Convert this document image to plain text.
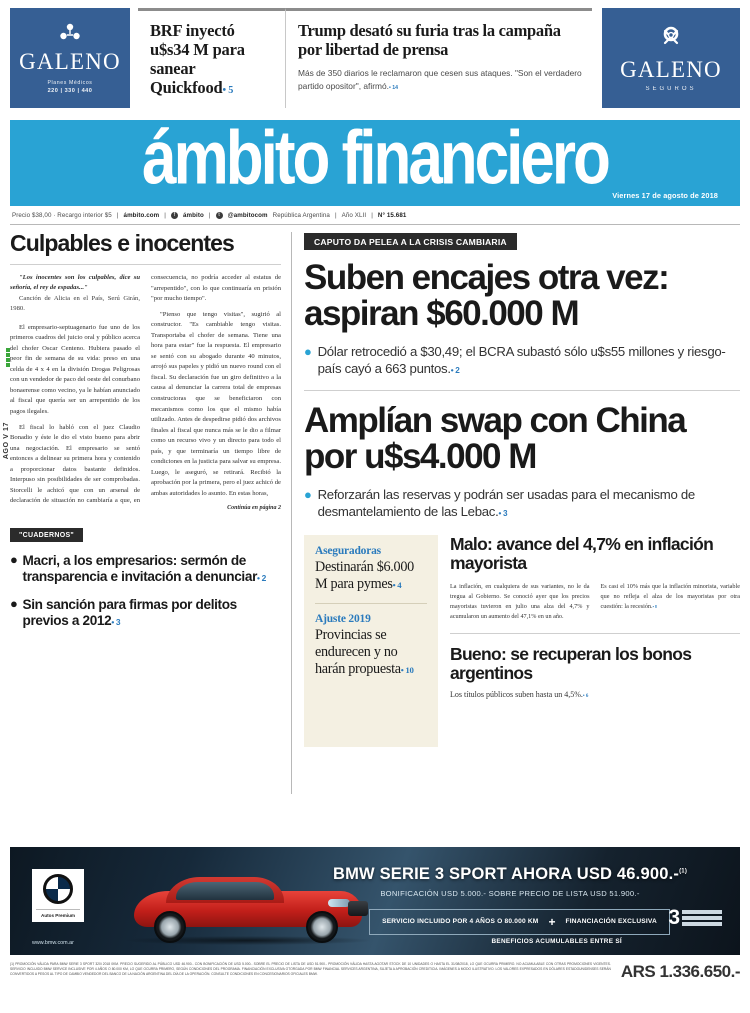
GALENO
Planes Médicos
220 | 330 | 440
BRF inyectó u$s34 M para sanear Quickfood• 5
Trump desató su furia tras la campaña por libertad de prensa

Más de 350 diarios le reclamaron que cesen sus ataques. "Son el verdadero partido opositor", afirmó.• 14

GALENO
SEGUROS
ámbito financiero Viernes 17 de agosto de 2018
Precio $38,00 · Recargo interior $5 | ámbito.com |	f	ámbito |	t	@ambitocom República Argentina | Año XLII | N° 15.681
AGO V 17
Culpables e inocentes

"Los inocentes son los culpables, dice su señoría, el rey de espadas..."

Canción de Alicia en el País, Serú Girán, 1980.

El empresario-septuagenario fue uno de los primeros cuadros del juicio oral y público acerca del chofer Oscar Centeno. Hubiera pasado el peor fin de semana de su vida: preso en una celda de 4 x 4 en la división Drogas Peligrosas con un vendedor de paco del oeste del conurbano bonaerense como vecino, ya le habían anunciado al fiscal que quería ser un arrepentido de los pagos ilegales.

El fiscal lo habló con el juez Claudio Bonadio y éste le dio el visto bueno para abrir una negociación. El empresario se sentó entonces a delinear su primera hora y contenido a proporcionar datos bastante definidos. Interpuso sin posibilidades de ser comprobadas. Storcelli le achicó que con un arsenal de declaración de situación no cambiaría a que, en consecuencia, no podría acceder al estatus de "arrepentido", con lo que continuaría en prisión "por mucho tiempo".

"Pienso que tengo visitas", sugirió al constructor. "Es cambiable tengo visitas. Transportaba el chofer de semana. Tiene una hora para estar" fue la respuesta. El empresario se sentó con su abogado durante 40 minutos, arrojó sus papeles y pidió un nuevo round con el fiscal. Su declaración fue un giro definitivo a la causa al denunciar la carrera total de empresas constructoras que se beneficiaron con mecanismos como los que el mismo había utilizado. Antes de despedirse pidió dos archivos finales al fiscal que nunca más se le dio a filmar como un recurso vivo y un directo para todo el país, y que terminaría un tiempo libre de condiciones en la justicia para salvar su empresa. Luego, le aseguró, se retirará. Recibió la aprobación por la primera, pero el juez achicó de ambas autoridades lo asunto. En estas horas,

Continúa en página 2

"CUADERNOS"
● Macri, a los empresarios: sermón de transparencia e invitación a denunciar• 2
● Sin sanción para firmas por delitos previos a 2012• 3
CAPUTO DA PELEA A LA CRISIS CAMBIARIA
Suben encajes otra vez: aspiran $60.000 M
● Dólar retrocedió a $30,49; el BCRA subastó sólo u$s55 millones y riesgo-país cayó a 663 puntos.• 2
Amplían swap con China por u$s4.000 M
● Reforzarán las reservas y podrán ser usadas para el mecanismo de desmantelamiento de las Lebac.• 3
Aseguradoras
Destinarán $6.000 M para pymes• 4
Ajuste 2019
Provincias se endurecen y no harán propuesta• 10
Malo: avance del 4,7% en inflación mayorista

La inflación, en cualquiera de sus variantes, no le da tregua al Gobierno. Se conoció ayer que los precios mayoristas tuvieron en julio una alza del 4,7% y acumularon un aumento del 47,1% en un año.

Es casi el 10% más que la inflación minorista, variable que no refleja el alza de los mayoristas por otra cuestión: la recesión.• 8

Bueno: se recuperan los bonos argentinos

Los títulos públicos suben hasta un 4,5%.• 6

Autos Premium
BMW SERIE 3 SPORT AHORA USD 46.900.-$^{(1)}$

BONIFICACIÓN USD 5.000.- SOBRE PRECIO DE LISTA USD 51.900.-

SERVICIO INCLUIDO POR 4 AÑOS O 80.000 KM + FINANCIACIÓN EXCLUSIVA 3
BENEFICIOS ACUMULABLES ENTRE SÍ
www.bmw.com.ar
(1) PROMOCIÓN VÁLIDA PARA BMW SERIE 3 SPORT 320i 2018 0KM. PRECIO SUGERIDO AL PÚBLICO USD 46.900.- CON BONIFICACIÓN DE USD 5.000.- SOBRE EL PRECIO DE LISTA DE USD 51.900.- PROMOCIÓN VÁLIDA HASTA AGOTAR STOCK DE 10 UNIDADES O HASTA EL 31/08/2018, LO QUE OCURRA PRIMERO. NO ACUMULABLE CON OTRAS PROMOCIONES VIGENTES. SERVICIO INCLUIDO BMW SERVICE INCLUSIVE POR 4 AÑOS O 80.000 KM, LO QUE OCURRA PRIMERO, SEGÚN CONDICIONES DEL PROGRAMA. FINANCIACIÓN EXCLUSIVA OTORGADA POR BMW FINANCIAL SERVICES ARGENTINA, SUJETA A APROBACIÓN CREDITICIA. IMÁGENES A MODO ILUSTRATIVO. LOS VALORES EXPRESADOS EN DÓLARES ESTADOUNIDENSES SERÁN CONVERTIDOS A PESOS AL TIPO DE CAMBIO VENDEDOR DEL BANCO DE LA NACIÓN ARGENTINA DEL DÍA DE LA OPERACIÓN. CONSULTE CONDICIONES EN CONCESIONARIOS OFICIALES BMW.	ARS 1.336.650.-
